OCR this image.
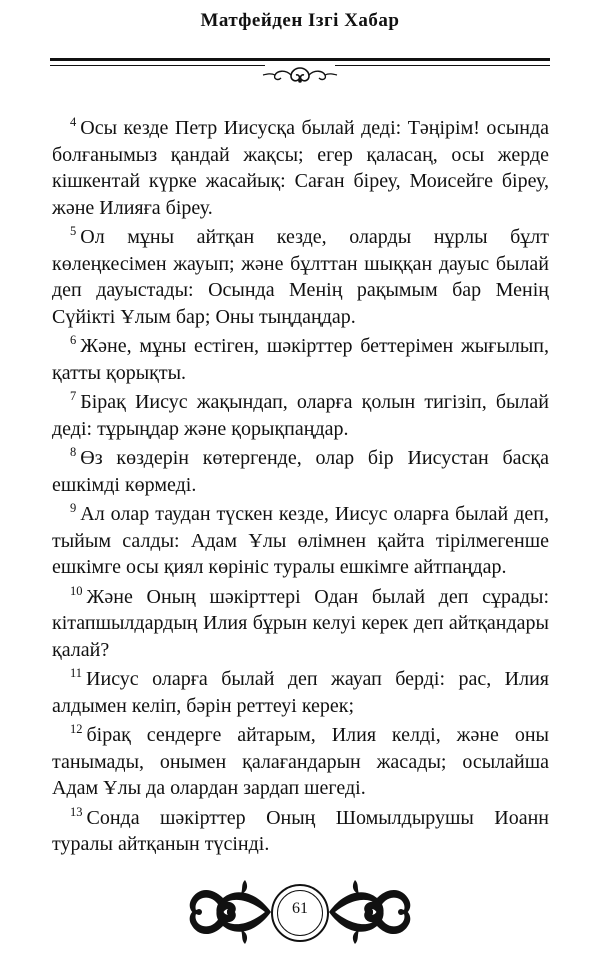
Матфейден Ізгі Хабар

$^4$ Осы кезде Петр Иисусқа былай деді: Тәңірім! осында болғанымыз қандай жақсы; егер қаласаң, осы жерде кішкентай күрке жасайық: Саған біреу, Моисейге біреу, және Илияға біреу.

$^5$ Ол мұны айтқан кезде, оларды нұрлы бұлт көлеңкесімен жауып; және бұлттан шыққан дауыс былай деп дауыстады: Осында Менің рақымым бар Менің Сүйікті Ұлым бар; Оны тыңдаңдар.

$^6$ Және, мұны естіген, шәкірттер беттерімен жығылып, қатты қорықты.

$^7$ Бірақ Иисус жақындап, оларға қолын тигізіп, былай деді: тұрыңдар және қорықпаңдар.

$^8$ Өз көздерін көтергенде, олар бір Иисустан басқа ешкімді көрмеді.

$^9$ Ал олар таудан түскен кезде, Иисус оларға былай деп, тыйым салды: Адам Ұлы өлімнен қайта тірілмегенше ешкімге осы қиял көрініс туралы ешкімге айтпаңдар.

$^{10}$ Және Оның шәкірттері Одан былай деп сұрады: кітапшылдардың Илия бұрын келуі керек деп айтқандары қалай?

$^{11}$ Иисус оларға былай деп жауап берді: рас, Илия алдымен келіп, бәрін реттеуі керек;

$^{12}$ бірақ сендерге айтарым, Илия келді, және оны танымады, онымен қалағандарын жасады; осылайша Адам Ұлы да олардан зардап шегеді.

$^{13}$ Сонда шәкірттер Оның Шомылдырушы Иоанн туралы айтқанын түсінді.

61
